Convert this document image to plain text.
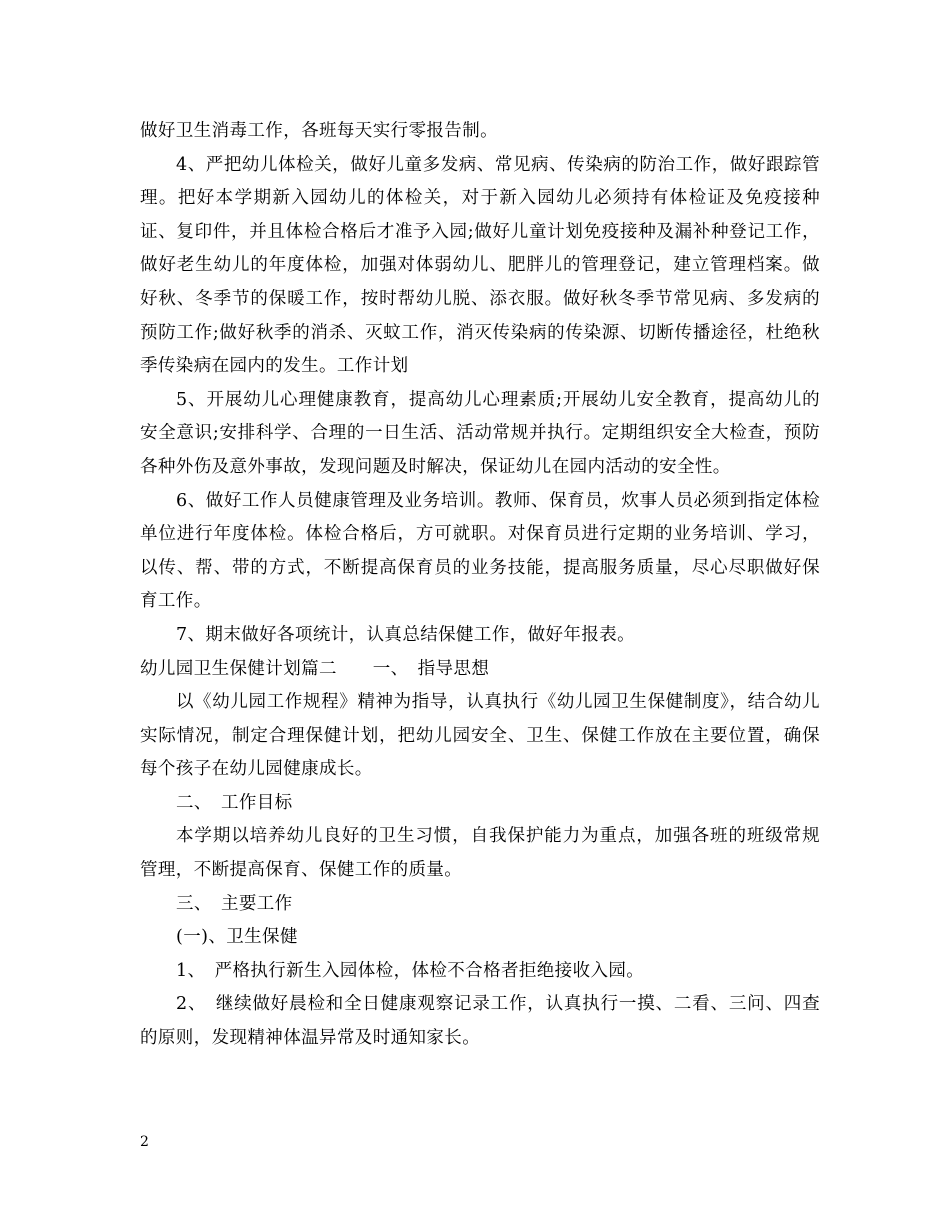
做好卫生消毒工作，各班每天实行零报告制。

4、严把幼儿体检关，做好儿童多发病、常见病、传染病的防治工作，做好跟踪管理。把好本学期新入园幼儿的体检关，对于新入园幼儿必须持有体检证及免疫接种证、复印件，并且体检合格后才准予入园;做好儿童计划免疫接种及漏补种登记工作，做好老生幼儿的年度体检，加强对体弱幼儿、肥胖儿的管理登记，建立管理档案。做好秋、冬季节的保暖工作，按时帮幼儿脱、添衣服。做好秋冬季节常见病、多发病的预防工作;做好秋季的消杀、灭蚊工作，消灭传染病的传染源、切断传播途径，杜绝秋季传染病在园内的发生。工作计划

5、开展幼儿心理健康教育，提高幼儿心理素质;开展幼儿安全教育，提高幼儿的安全意识;安排科学、合理的一日生活、活动常规并执行。定期组织安全大检查，预防各种外伤及意外事故，发现问题及时解决，保证幼儿在园内活动的安全性。

6、做好工作人员健康管理及业务培训。教师、保育员，炊事人员必须到指定体检单位进行年度体检。体检合格后，方可就职。对保育员进行定期的业务培训、学习，以传、帮、带的方式，不断提高保育员的业务技能，提高服务质量，尽心尽职做好保育工作。

7、期末做好各项统计，认真总结保健工作，做好年报表。

幼儿园卫生保健计划篇二　　一、　指导思想

以《幼儿园工作规程》精神为指导，认真执行《幼儿园卫生保健制度》，结合幼儿实际情况，制定合理保健计划，把幼儿园安全、卫生、保健工作放在主要位置，确保每个孩子在幼儿园健康成长。

二、　工作目标

本学期以培养幼儿良好的卫生习惯，自我保护能力为重点，加强各班的班级常规管理，不断提高保育、保健工作的质量。

三、　主要工作

(一)、卫生保健

1、　严格执行新生入园体检，体检不合格者拒绝接收入园。

2、　继续做好晨检和全日健康观察记录工作，认真执行一摸、二看、三问、四查的原则，发现精神体温异常及时通知家长。

2
